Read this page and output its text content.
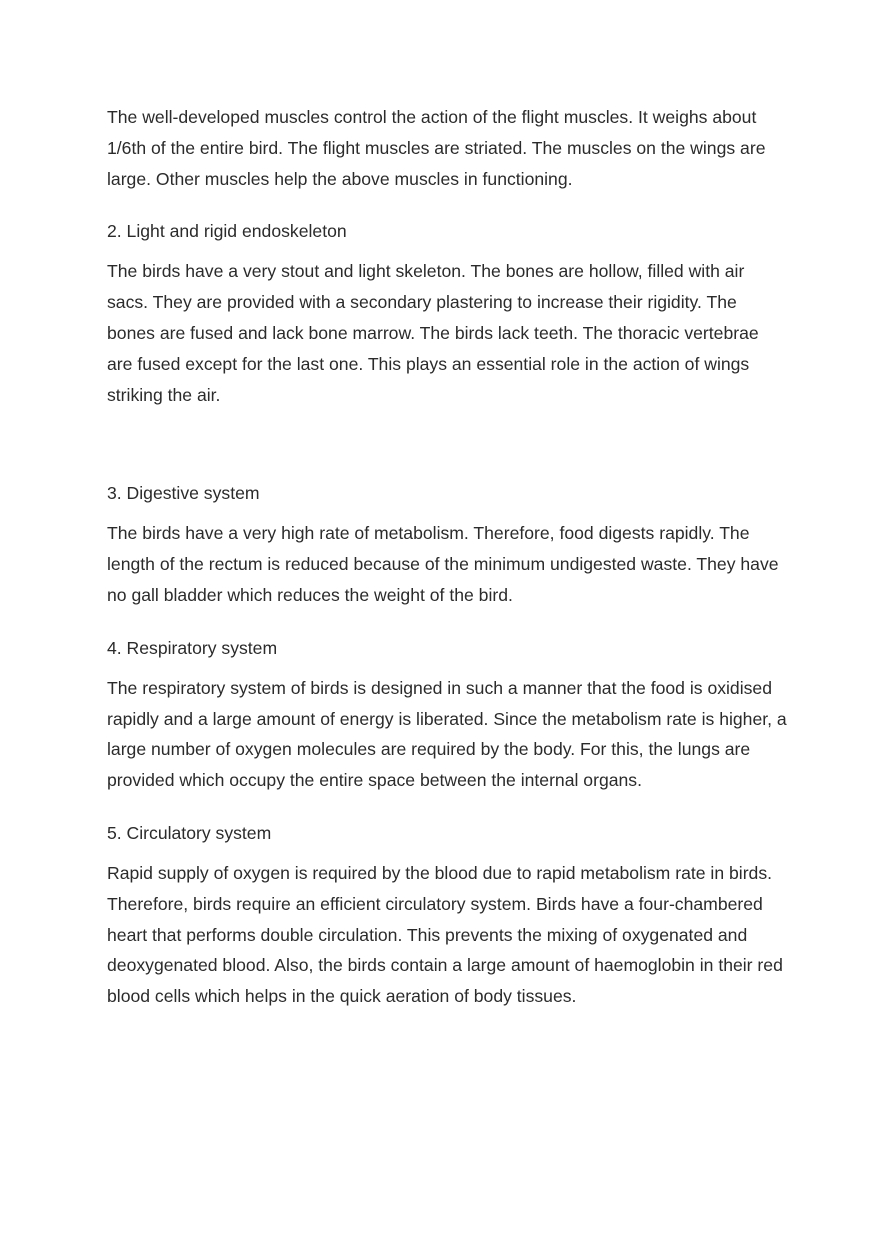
The well-developed muscles control the action of the flight muscles. It weighs about 1/6th of the entire bird. The flight muscles are striated. The muscles on the wings are large. Other muscles help the above muscles in functioning.

2. Light and rigid endoskeleton

The birds have a very stout and light skeleton. The bones are hollow, filled with air sacs. They are provided with a secondary plastering to increase their rigidity. The bones are fused and lack bone marrow. The birds lack teeth. The thoracic vertebrae are fused except for the last one. This plays an essential role in the action of wings striking the air.

3. Digestive system

The birds have a very high rate of metabolism. Therefore, food digests rapidly. The length of the rectum is reduced because of the minimum undigested waste. They have no gall bladder which reduces the weight of the bird.

4. Respiratory system

The respiratory system of birds is designed in such a manner that the food is oxidised rapidly and a large amount of energy is liberated. Since the metabolism rate is higher, a large number of oxygen molecules are required by the body. For this, the lungs are provided which occupy the entire space between the internal organs.

5. Circulatory system

Rapid supply of oxygen is required by the blood due to rapid metabolism rate in birds. Therefore, birds require an efficient circulatory system. Birds have a four-chambered heart that performs double circulation. This prevents the mixing of oxygenated and deoxygenated blood. Also, the birds contain a large amount of haemoglobin in their red blood cells which helps in the quick aeration of body tissues.
